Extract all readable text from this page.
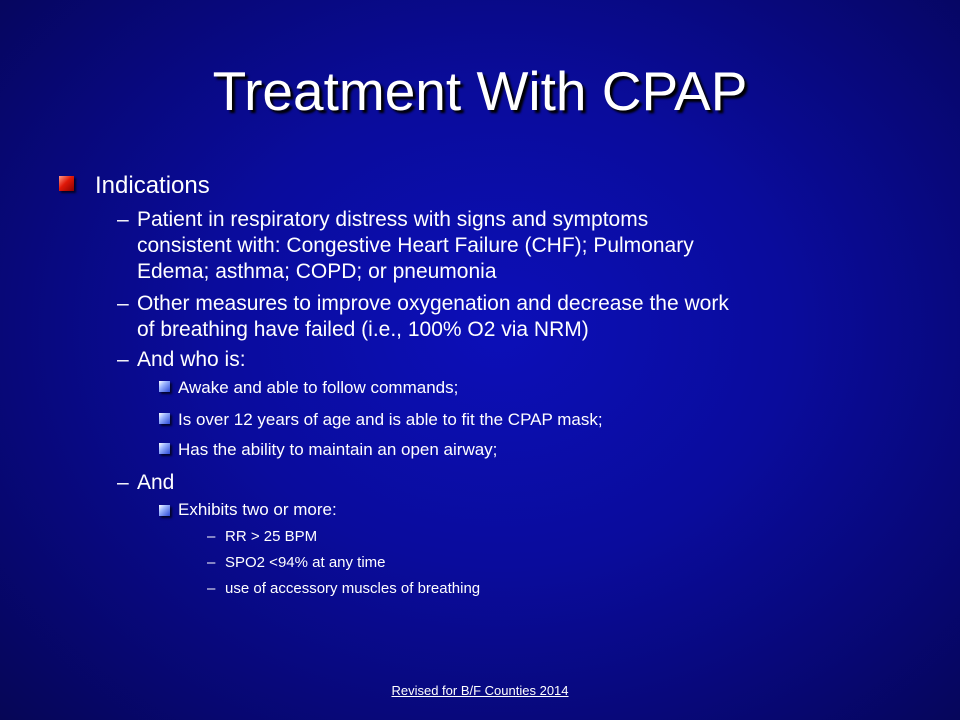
Treatment With CPAP
Indications
– Patient in respiratory distress with signs and symptoms
consistent with: Congestive Heart Failure (CHF); Pulmonary
Edema; asthma; COPD; or pneumonia
– Other measures to improve oxygenation and decrease the work
of breathing have failed (i.e., 100% O2 via NRM)
– And who is:
Awake and able to follow commands;
Is over 12 years of age and is able to fit the CPAP mask;
Has the ability to maintain an open airway;
– And
Exhibits two or more:
– RR > 25 BPM
– SPO2 <94% at any time
– use of accessory muscles of breathing
Revised for B/F Counties 2014
